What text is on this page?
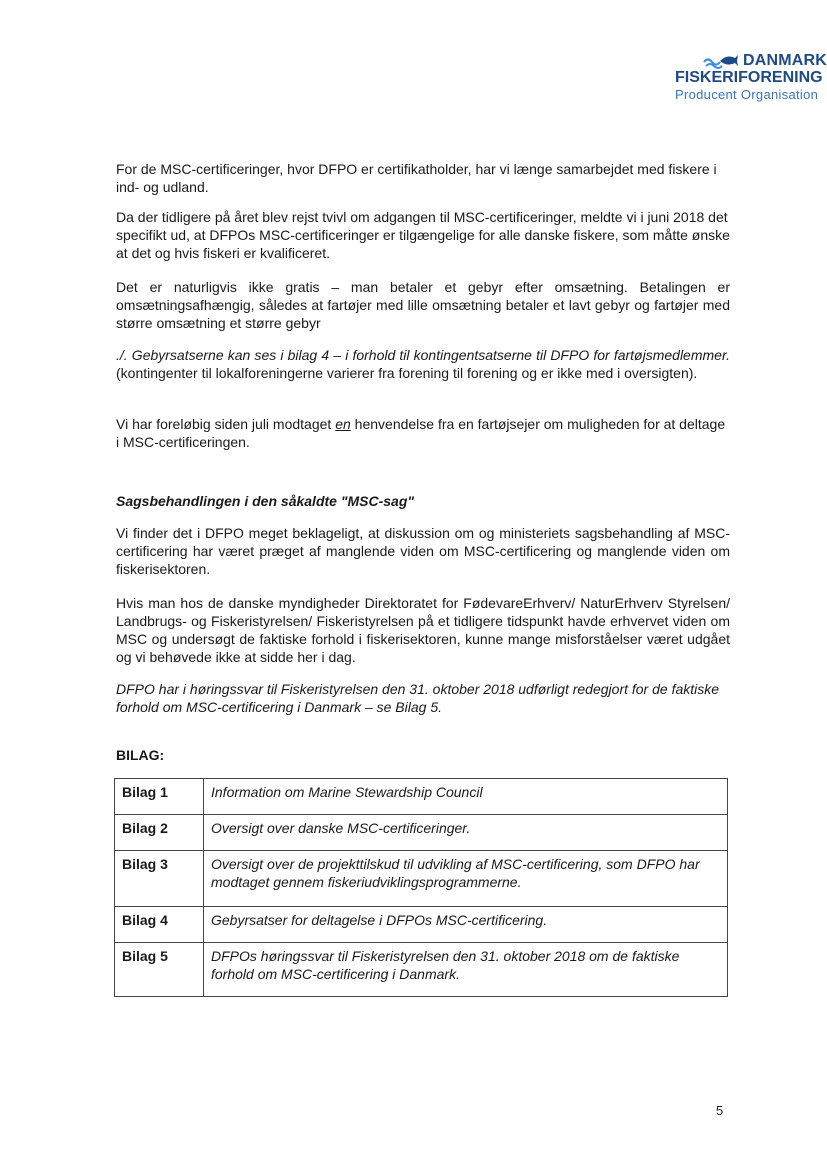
DANMARK
FISKERIFORENING
Producent Organisation

For de MSC-certificeringer, hvor DFPO er certifikatholder, har vi længe samarbejdet med fiskere i ind- og udland.

Da der tidligere på året blev rejst tvivl om adgangen til MSC-certificeringer, meldte vi i juni 2018 det specifikt ud, at DFPOs MSC-certificeringer er tilgængelige for alle danske fiskere, som måtte ønske at det og hvis fiskeri er kvalificeret.

Det er naturligvis ikke gratis – man betaler et gebyr efter omsætning. Betalingen er omsætningsafhængig, således at fartøjer med lille omsætning betaler et lavt gebyr og fartøjer med større omsætning et større gebyr

./. Gebyrsatserne kan ses i bilag 4 – i forhold til kontingentsatserne til DFPO for fartøjsmedlemmer. (kontingenter til lokalforeningerne varierer fra forening til forening og er ikke med i oversigten).

Vi har foreløbig siden juli modtaget en henvendelse fra en fartøjsejer om muligheden for at deltage i MSC-certificeringen.

Sagsbehandlingen i den såkaldte "MSC-sag"

Vi finder det i DFPO meget beklageligt, at diskussion om og ministeriets sagsbehandling af MSC-certificering har været præget af manglende viden om MSC-certificering og manglende viden om fiskerisektoren.

Hvis man hos de danske myndigheder Direktoratet for FødevareErhverv/ NaturErhverv Styrelsen/ Landbrugs- og Fiskeristyrelsen/ Fiskeristyrelsen på et tidligere tidspunkt havde erhvervet viden om MSC og undersøgt de faktiske forhold i fiskerisektoren, kunne mange misforståelser været udgået og vi behøvede ikke at sidde her i dag.

DFPO har i høringssvar til Fiskeristyrelsen den 31. oktober 2018 udførligt redegjort for de faktiske forhold om MSC-certificering i Danmark – se Bilag 5.

BILAG:

Bilag 1	Information om Marine Stewardship Council
Bilag 2	Oversigt over danske MSC-certificeringer.
Bilag 3	Oversigt over de projekttilskud til udvikling af MSC-certificering, som DFPO har modtaget gennem fiskeriudviklingsprogrammerne.
Bilag 4	Gebyrsatser for deltagelse i DFPOs MSC-certificering.
Bilag 5	DFPOs høringssvar til Fiskeristyrelsen den 31. oktober 2018 om de faktiske forhold om MSC-certificering i Danmark.
5
